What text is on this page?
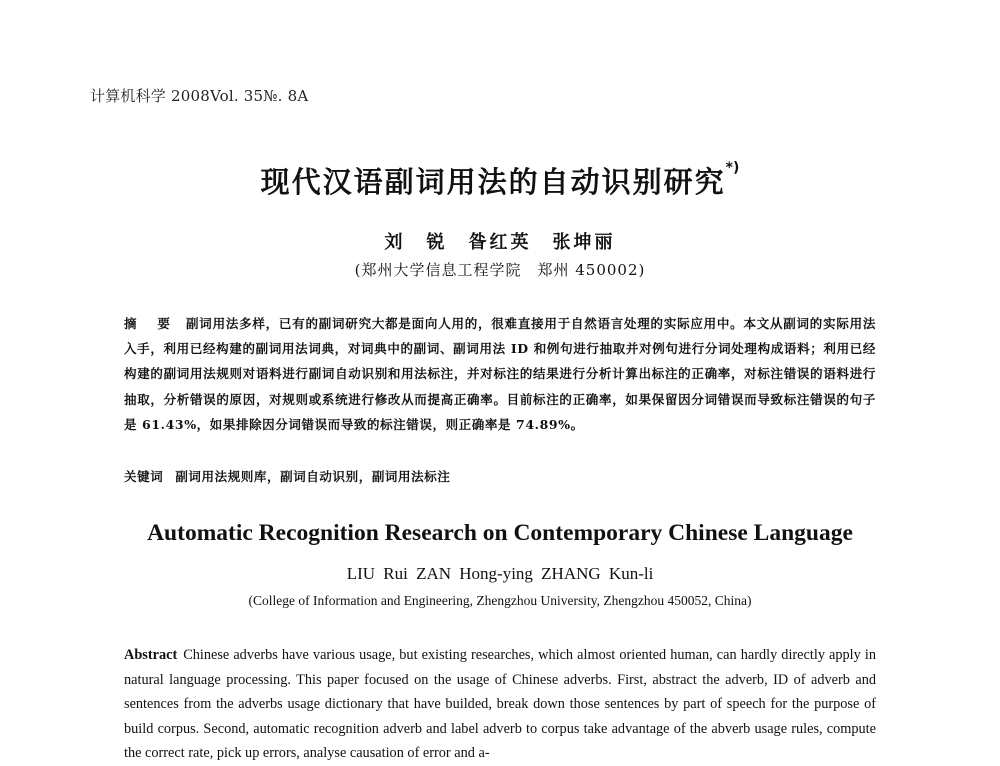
计算机科学 2008Vol. 35№. 8A
现代汉语副词用法的自动识别研究*)
刘　锐　昝红英　张坤丽
(郑州大学信息工程学院　郑州 450002)
摘　要 副词用法多样，已有的副词研究大都是面向人用的，很难直接用于自然语言处理的实际应用中。本文从副词的实际用法入手，利用已经构建的副词用法词典，对词典中的副词、副词用法 ID 和例句进行抽取并对例句进行分词处理构成语料；利用已经构建的副词用法规则对语料进行副词自动识别和用法标注，并对标注的结果进行分析计算出标注的正确率，对标注错误的语料进行抽取，分析错误的原因，对规则或系统进行修改从而提高正确率。目前标注的正确率，如果保留因分词错误而导致标注错误的句子是 61.43%，如果排除因分词错误而导致的标注错误，则正确率是 74.89%。
关键词 副词用法规则库，副词自动识别，副词用法标注
Automatic Recognition Research on Contemporary Chinese Language
LIU Rui ZAN Hong-ying ZHANG Kun-li
(College of Information and Engineering, Zhengzhou University, Zhengzhou 450052, China)
Abstract Chinese adverbs have various usage, but existing researches, which almost oriented human, can hardly directly apply in natural language processing. This paper focused on the usage of Chinese adverbs. First, abstract the adverb, ID of adverb and sentences from the adverbs usage dictionary that have builded, break down those sentences by part of speech for the purpose of build corpus. Second, automatic recognition adverb and label adverb to corpus take advantage of the abverb usage rules, compute the correct rate, pick up errors, analyse causation of error and a-
